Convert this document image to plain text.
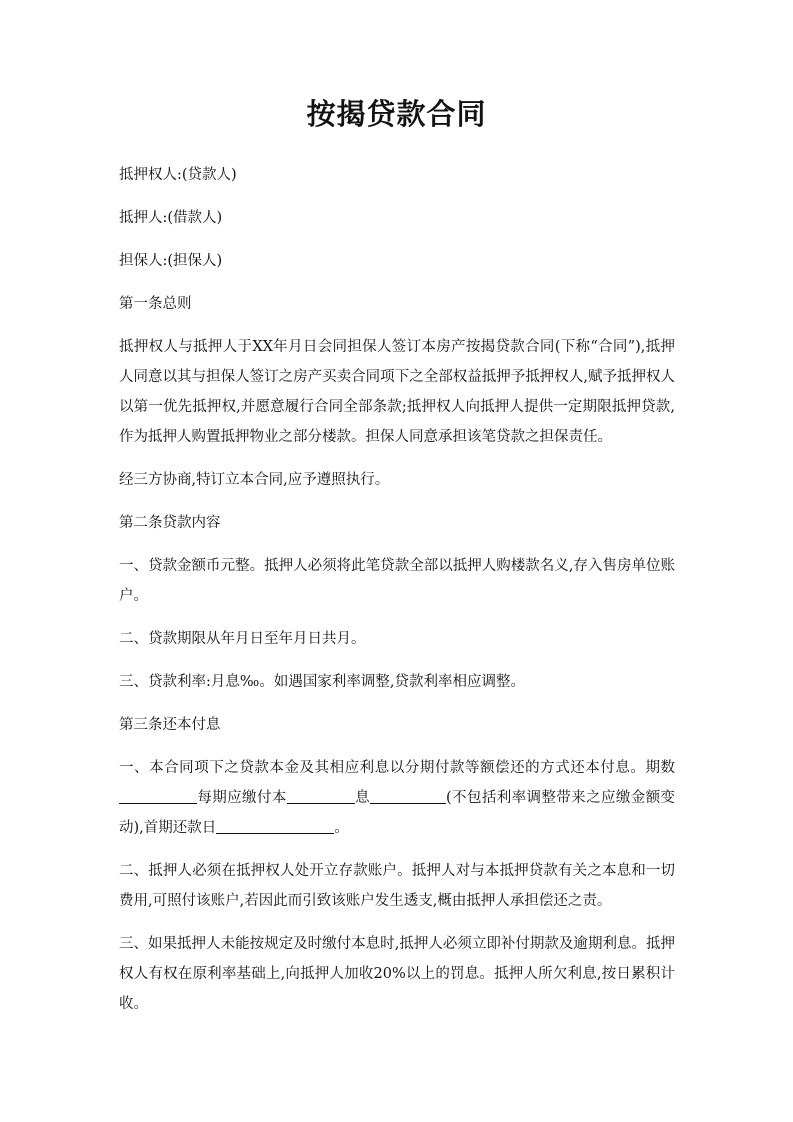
按揭贷款合同

抵押权人:(贷款人)

抵押人:(借款人)

担保人:(担保人)

第一条总则

抵押权人与抵押人于XX年月日会同担保人签订本房产按揭贷款合同(下称“合同”),抵押人同意以其与担保人签订之房产买卖合同项下之全部权益抵押予抵押权人,赋予抵押权人以第一优先抵押权,并愿意履行合同全部条款;抵押权人向抵押人提供一定期限抵押贷款,作为抵押人购置抵押物业之部分楼款。担保人同意承担该笔贷款之担保责任。

经三方协商,特订立本合同,应予遵照执行。

第二条贷款内容

一、贷款金额币元整。抵押人必须将此笔贷款全部以抵押人购楼款名义,存入售房单位账户。

二、贷款期限从年月日至年月日共月。

三、贷款利率:月息‰。如遇国家利率调整,贷款利率相应调整。

第三条还本付息

一、本合同项下之贷款本金及其相应利息以分期付款等额偿还的方式还本付息。期数每期应缴付本	息	(不包括利率调整带来之应缴金额变动),首期还款日	。

二、抵押人必须在抵押权人处开立存款账户。抵押人对与本抵押贷款有关之本息和一切费用,可照付该账户,若因此而引致该账户发生透支,概由抵押人承担偿还之责。

三、如果抵押人未能按规定及时缴付本息时,抵押人必须立即补付期款及逾期利息。抵押权人有权在原利率基础上,向抵押人加收20%以上的罚息。抵押人所欠利息,按日累积计收。
